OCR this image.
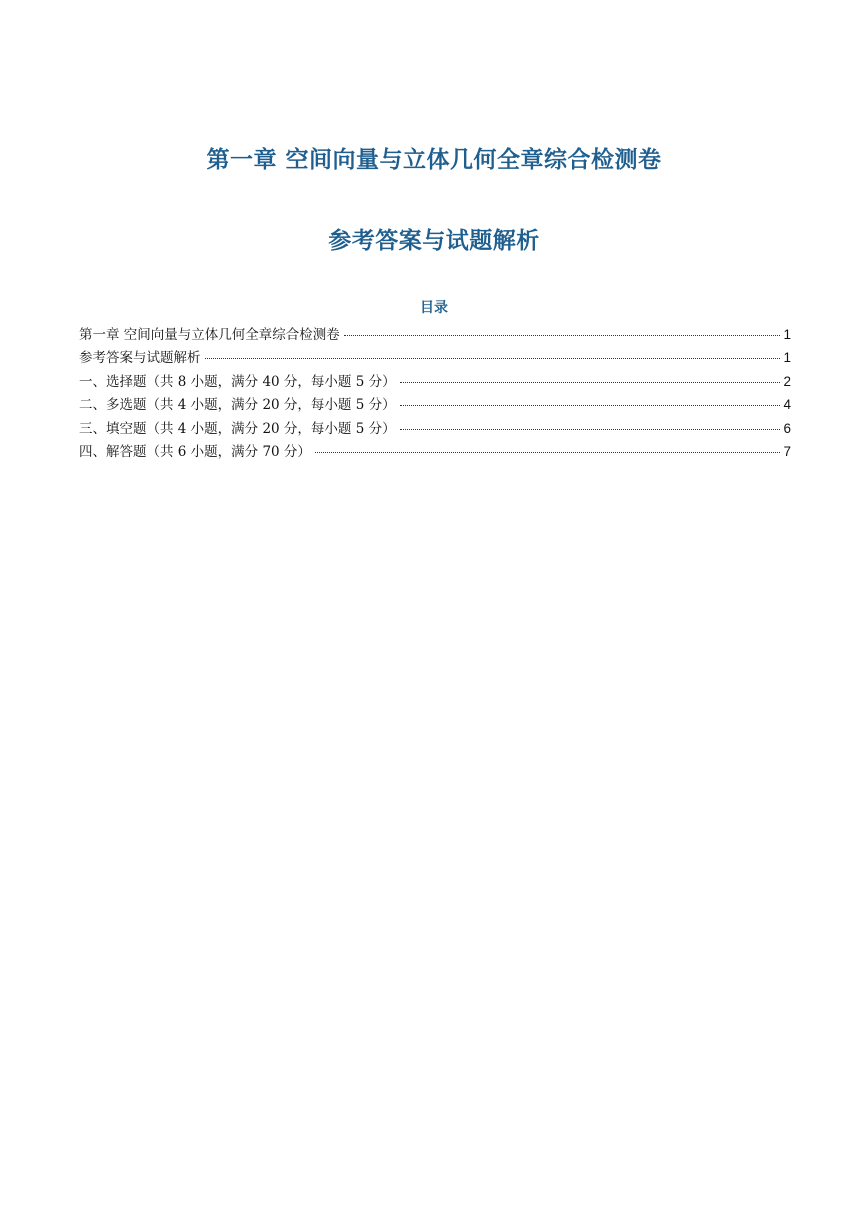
第一章 空间向量与立体几何全章综合检测卷
参考答案与试题解析
目录
第一章 空间向量与立体几何全章综合检测卷	1
参考答案与试题解析	1
一、选择题（共 8 小题，满分 40 分，每小题 5 分）	2
二、多选题（共 4 小题，满分 20 分，每小题 5 分）	4
三、填空题（共 4 小题，满分 20 分，每小题 5 分）	6
四、解答题（共 6 小题，满分 70 分）	7
